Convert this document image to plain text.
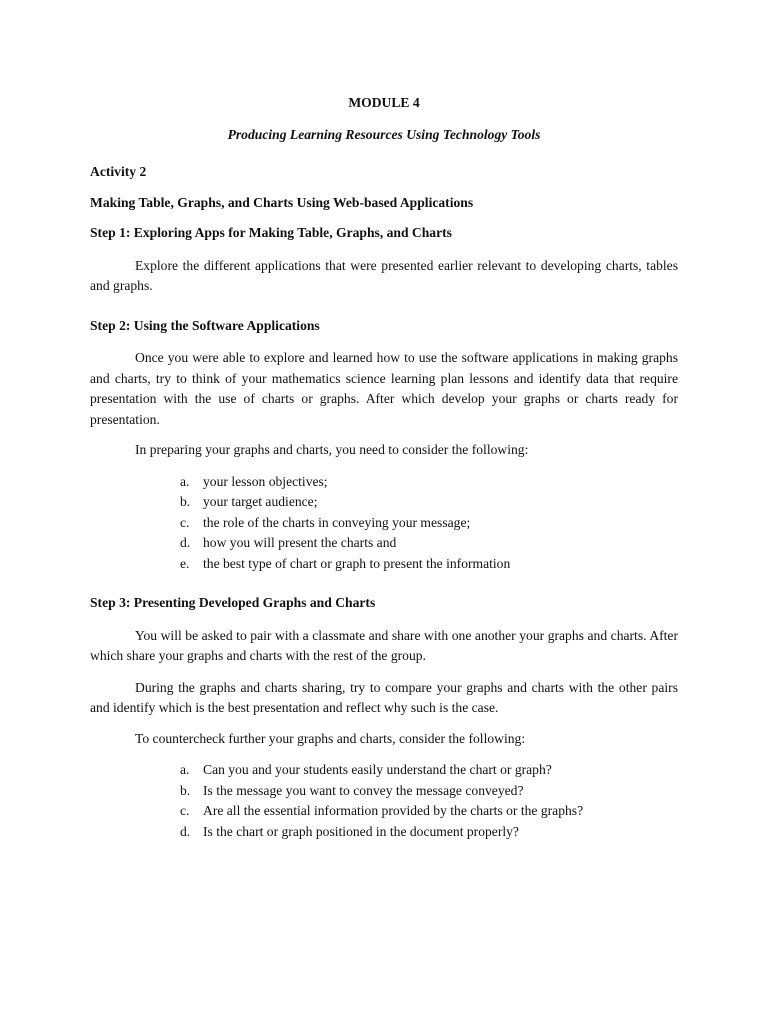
MODULE 4
Producing Learning Resources Using Technology Tools
Activity 2
Making Table, Graphs, and Charts Using Web-based Applications
Step 1: Exploring Apps for Making Table, Graphs, and Charts

Explore the different applications that were presented earlier relevant to developing charts, tables and graphs.

Step 2: Using the Software Applications

Once you were able to explore and learned how to use the software applications in making graphs and charts, try to think of your mathematics science learning plan lessons and identify data that require presentation with the use of charts or graphs. After which develop your graphs or charts ready for presentation.

In preparing your graphs and charts, you need to consider the following:

a. your lesson objectives;
b. your target audience;
c. the role of the charts in conveying your message;
d. how you will present the charts and
e. the best type of chart or graph to present the information
Step 3: Presenting Developed Graphs and Charts

You will be asked to pair with a classmate and share with one another your graphs and charts. After which share your graphs and charts with the rest of the group.

During the graphs and charts sharing, try to compare your graphs and charts with the other pairs and identify which is the best presentation and reflect why such is the case.

To countercheck further your graphs and charts, consider the following:

a. Can you and your students easily understand the chart or graph?
b. Is the message you want to convey the message conveyed?
c. Are all the essential information provided by the charts or the graphs?
d. Is the chart or graph positioned in the document properly?
